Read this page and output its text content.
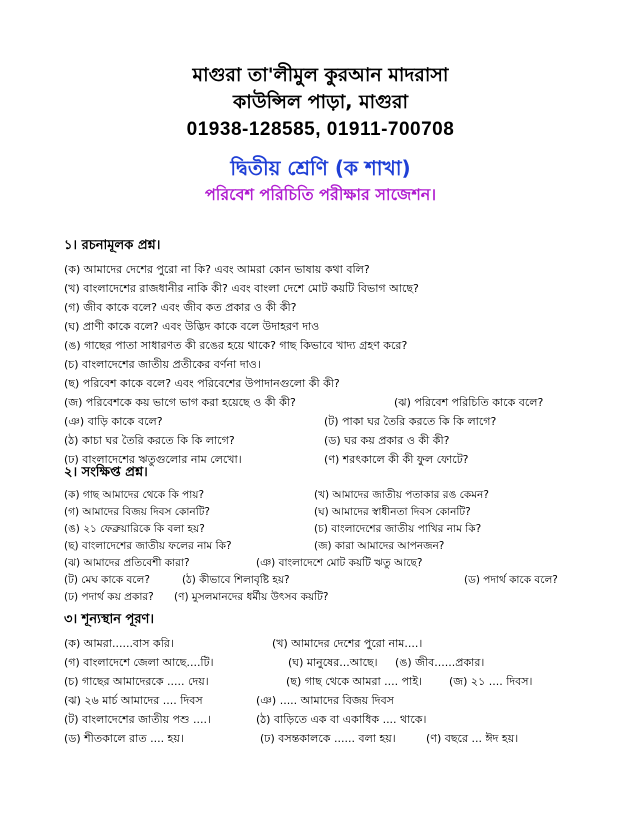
মাগুরা তা'লীমুল কুরআন মাদরাসা
কাউন্সিল পাড়া, মাগুরা
01938-128585, 01911-700708
দ্বিতীয় শ্রেণি (ক শাখা)
পরিবেশ পরিচিতি পরীক্ষার সাজেশন।
১। রচনামূলক প্রশ্ন।
(ক) আমাদের দেশের পুরো না কি? এবং আমরা কোন ভাষায় কথা বলি?
(খ) বাংলাদেশের রাজধানীর নাকি কী? এবং বাংলা দেশে মোট কয়টি বিভাগ আছে?
(গ) জীব কাকে বলে? এবং জীব কত প্রকার ও কী কী?
(ঘ) প্রাণী কাকে বলে? এবং উদ্ভিদ কাকে বলে উদাহরণ দাও
(ঙ) গাছের পাতা সাধারণত কী রঙের হয়ে থাকে? গাছ কিভাবে খাদ্য গ্রহণ করে?
(চ) বাংলাদেশের জাতীয় প্রতীকের বর্ণনা দাও।
(ছ) পরিবেশ কাকে বলে? এবং পরিবেশের উপাদানগুলো কী কী?
(জ) পরিবেশকে কয় ভাগে ভাগ করা হয়েছে ও কী কী?	(ঝ) পরিবেশ পরিচিতি কাকে বলে?
(ঞ) বাড়ি কাকে বলে?	(ট) পাকা ঘর তৈরি করতে কি কি লাগে?
(ঠ) কাচা ঘর তৈরি করতে কি কি লাগে?	(ড) ঘর কয় প্রকার ও কী কী?
(ঢ) বাংলাদেশের ঋতুগুলোর নাম লেখো।	(ণ) শরৎকালে কী কী ফুল ফোটে?
২। সংক্ষিপ্ত প্রশ্ন।
(ক) গাছ আমাদের থেকে কি পায়?	(খ) আমাদের জাতীয় পতাকার রঙ কেমন?
(গ) আমাদের বিজয় দিবস কোনটি?	(ঘ) আমাদের স্বাধীনতা দিবস কোনটি?
(ঙ) ২১ ফেব্রুয়ারিকে কি বলা হয়?	(চ) বাংলাদেশের জাতীয় পাখির নাম কি?
(ছ) বাংলাদেশের জাতীয় ফলের নাম কি?	(জ) কারা আমাদের আপনজন?
(ঝ) আমাদের প্রতিবেশী কারা?	(ঞ) বাংলাদেশে মোট কয়টি ঋতু আছে?
(ট) মেঘ কাকে বলে?	(ঠ) কীভাবে শিলাবৃষ্টি হয়?	(ড) পদার্থ কাকে বলে?
(ঢ) পদার্থ কয় প্রকার? (ণ) মুসলমানদের ধর্মীয় উৎসব কয়টি?
৩। শূন্যস্থান পূরণ।
(ক) আমরা......বাস করি।	(খ) আমাদের দেশের পুরো নাম....।
(গ) বাংলাদেশে জেলা আছে....টি।	(ঘ) মানুষের...আছে। (ঙ) জীব......প্রকার।
(চ) গাছের আমাদেরকে ..... দেয়।	(ছ) গাছ থেকে আমরা .... পাই। (জ) ২১ .... দিবস।
(ঝ) ২৬ মার্চ আমাদের .... দিবস	(ঞ) ..... আমাদের বিজয় দিবস
(ট) বাংলাদেশের জাতীয় পশু ....।	(ঠ) বাড়িতে এক বা একাধিক .... থাকে।
(ড) শীতকালে রাত .... হয়।	(ঢ) বসন্তকালকে ...... বলা হয়।	(ণ) বছরে ... ঈদ হয়।
